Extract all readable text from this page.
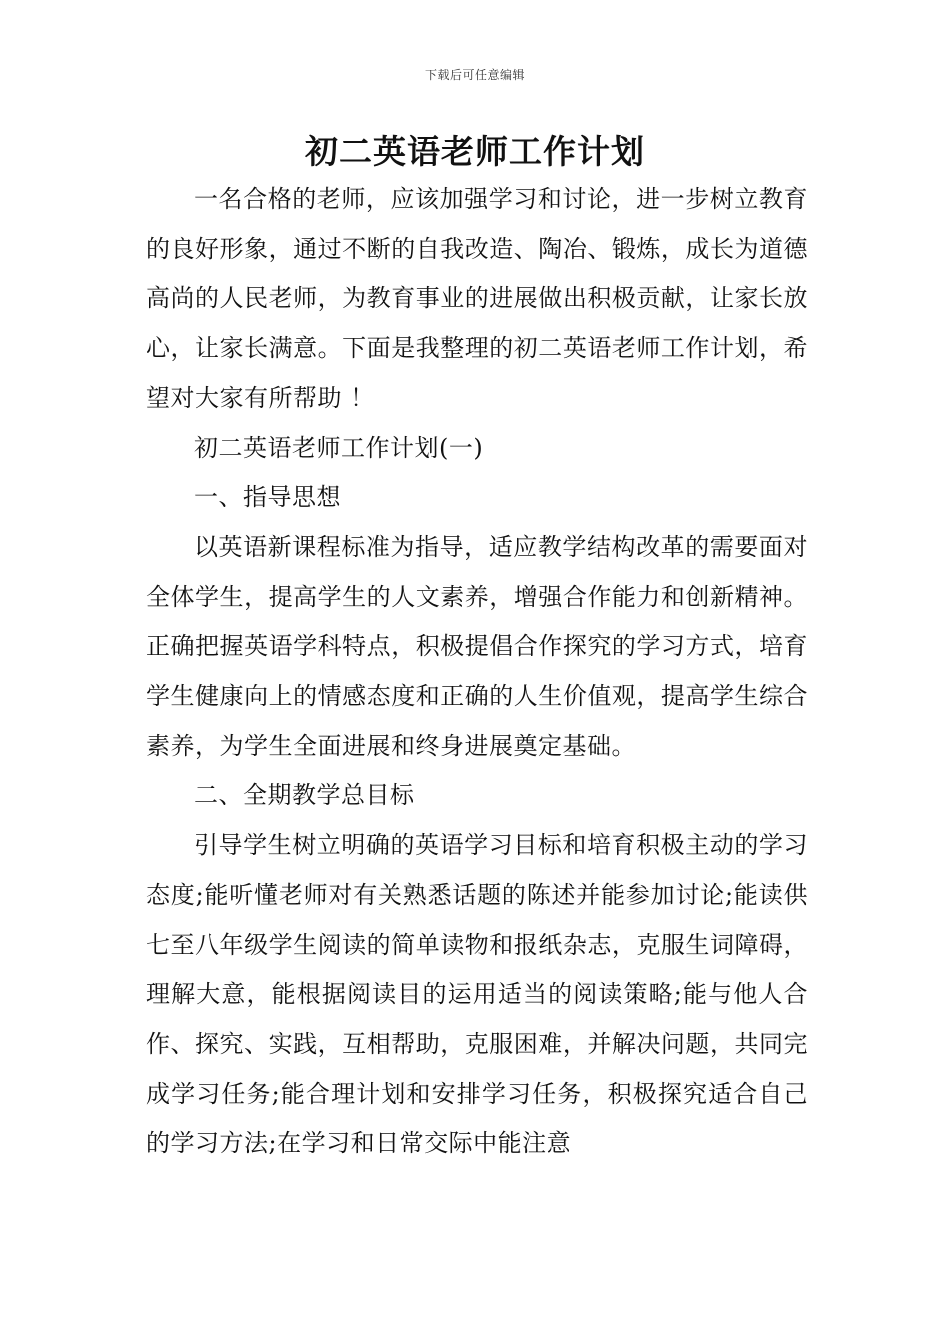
下载后可任意编辑
初二英语老师工作计划

一名合格的老师，应该加强学习和讨论，进一步树立教育的良好形象，通过不断的自我改造、陶冶、锻炼，成长为道德高尚的人民老师，为教育事业的进展做出积极贡献，让家长放心，让家长满意。下面是我整理的初二英语老师工作计划，希望对大家有所帮助 ！

初二英语老师工作计划(一)

一、指导思想

以英语新课程标准为指导，适应教学结构改革的需要面对全体学生，提高学生的人文素养，增强合作能力和创新精神。正确把握英语学科特点，积极提倡合作探究的学习方式，培育学生健康向上的情感态度和正确的人生价值观，提高学生综合素养，为学生全面进展和终身进展奠定基础。

二、全期教学总目标

引导学生树立明确的英语学习目标和培育积极主动的学习态度;能听懂老师对有关熟悉话题的陈述并能参加讨论;能读供七至八年级学生阅读的简单读物和报纸杂志，克服生词障碍，理解大意，能根据阅读目的运用适当的阅读策略;能与他人合作、探究、实践，互相帮助，克服困难，并解决问题，共同完成学习任务;能合理计划和安排学习任务，积极探究适合自己的学习方法;在学习和日常交际中能注意
